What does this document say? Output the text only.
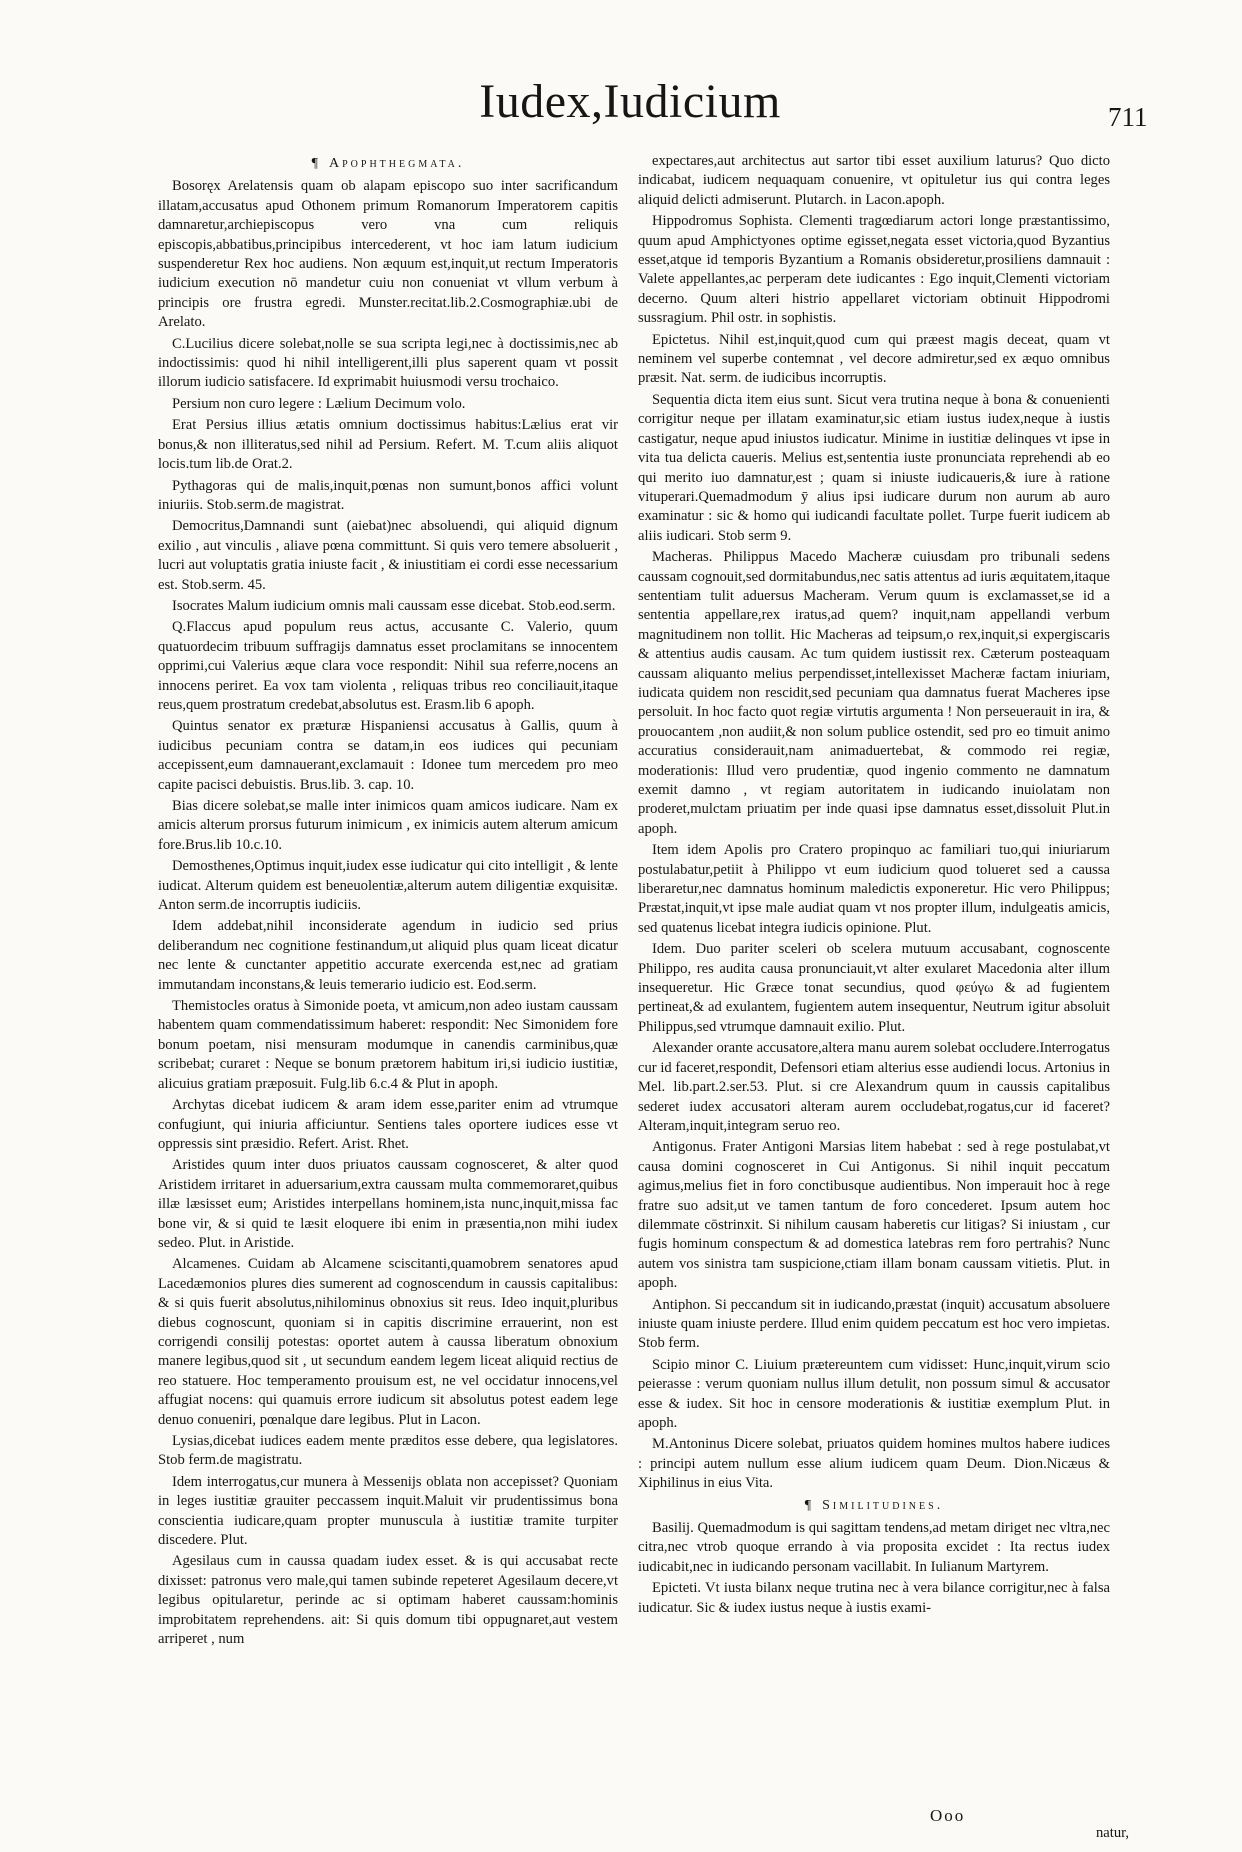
Iudex,Iudicium	711
¶ Apophthegmata.

Bosoręx Arelatensis quam ob alapam episcopo suo inter sacrificandum illatam,accusatus apud Othonem primum Romanorum Imperatorem capitis damnaretur,archiepiscopus vero vna cum reliquis episcopis,abbatibus,principibus intercederent, vt hoc iam latum iudicium suspenderetur Rex hoc audiens. Non æquum est,inquit,ut rectum Imperatoris iudicium execution nō mandetur cuiu non conueniat vt vllum verbum à principis ore frustra egredi. Munster.recitat.lib.2.Cosmographiæ.ubi de Arelato.

C.Lucilius dicere solebat,nolle se sua scripta legi,nec à doctissimis,nec ab indoctissimis: quod hi nihil intelligerent,illi plus saperent quam vt possit illorum iudicio satisfacere. Id exprimabit huiusmodi versu trochaico.

Persium non curo legere : Lælium Decimum volo.

Erat Persius illius ætatis omnium doctissimus habitus:Lælius erat vir bonus,& non illiteratus,sed nihil ad Persium. Refert. M. T.cum aliis aliquot locis.tum lib.de Orat.2.

Pythagoras qui de malis,inquit,pœnas non sumunt,bonos affici volunt iniuriis. Stob.serm.de magistrat.

Democritus,Damnandi sunt (aiebat)nec absoluendi, qui aliquid dignum exilio , aut vinculis , aliave pœna committunt. Si quis vero temere absoluerit , lucri aut voluptatis gratia iniuste facit , & iniustitiam ei cordi esse necessarium est. Stob.serm. 45.

Isocrates Malum iudicium omnis mali caussam esse dicebat. Stob.eod.serm.

Q.Flaccus apud populum reus actus, accusante C. Valerio, quum quatuordecim tribuum suffragijs damnatus esset proclamitans se innocentem opprimi,cui Valerius æque clara voce respondit: Nihil sua referre,nocens an innocens periret. Ea vox tam violenta , reliquas tribus reo conciliauit,itaque reus,quem prostratum credebat,absolutus est. Erasm.lib 6 apoph.

Quintus senator ex præturæ Hispaniensi accusatus à Gallis, quum à iudicibus pecuniam contra se datam,in eos iudices qui pecuniam accepissent,eum damnauerant,exclamauit : Idonee tum mercedem pro meo capite pacisci debuistis. Brus.lib. 3. cap. 10.

Bias dicere solebat,se malle inter inimicos quam amicos iudicare. Nam ex amicis alterum prorsus futurum inimicum , ex inimicis autem alterum amicum fore.Brus.lib 10.c.10.

Demosthenes,Optimus inquit,iudex esse iudicatur qui cito intelligit , & lente iudicat. Alterum quidem est beneuolentiæ,alterum autem diligentiæ exquisitæ. Anton serm.de incorruptis iudiciis.

Idem addebat,nihil inconsiderate agendum in iudicio sed prius deliberandum nec cognitione festinandum,ut aliquid plus quam liceat dicatur nec lente & cunctanter appetitio accurate exercenda est,nec ad gratiam immutandam inconstans,& leuis temerario iudicio est. Eod.serm.

Themistocles oratus à Simonide poeta, vt amicum,non adeo iustam caussam habentem quam commendatissimum haberet: respondit: Nec Simonidem fore bonum poetam, nisi mensuram modumque in canendis carminibus,quæ scribebat; curaret : Neque se bonum prætorem habitum iri,si iudicio iustitiæ, alicuius gratiam præposuit. Fulg.lib 6.c.4 & Plut in apoph.

Archytas dicebat iudicem & aram idem esse,pariter enim ad vtrumque confugiunt, qui iniuria afficiuntur. Sentiens tales oportere iudices esse vt oppressis sint præsidio. Refert. Arist. Rhet.

Aristides quum inter duos priuatos caussam cognosceret, & alter quod Aristidem irritaret in aduersarium,extra caussam multa commemoraret,quibus illæ læsisset eum; Aristides interpellans hominem,ista nunc,inquit,missa fac bone vir, & si quid te læsit eloquere ibi enim in præsentia,non mihi iudex sedeo. Plut. in Aristide.

Alcamenes. Cuidam ab Alcamene sciscitanti,quamobrem senatores apud Lacedæmonios plures dies sumerent ad cognoscendum in caussis capitalibus: & si quis fuerit absolutus,nihilominus obnoxius sit reus. Ideo inquit,pluribus diebus cognoscunt, quoniam si in capitis discrimine errauerint, non est corrigendi consilij potestas: oportet autem à caussa liberatum obnoxium manere legibus,quod sit , ut secundum eandem legem liceat aliquid rectius de reo statuere. Hoc temperamento prouisum est, ne vel occidatur innocens,vel affugiat nocens: qui quamuis errore iudicum sit absolutus potest eadem lege denuo conueniri, pœnalque dare legibus. Plut in Lacon.

Lysias,dicebat iudices eadem mente præditos esse debere, qua legislatores. Stob ferm.de magistratu.

Idem interrogatus,cur munera à Messenijs oblata non accepisset? Quoniam in leges iustitiæ grauiter peccassem inquit.Maluit vir prudentissimus bona conscientia iudicare,quam propter munuscula à iustitiæ tramite turpiter discedere. Plut.

Agesilaus cum in caussa quadam iudex esset. & is qui accusabat recte dixisset: patronus vero male,qui tamen subinde repeteret Agesilaum decere,vt legibus opitularetur, perinde ac si optimam haberet caussam:hominis improbitatem reprehendens. ait: Si quis domum tibi oppugnaret,aut vestem arriperet , num

expectares,aut architectus aut sartor tibi esset auxilium laturus? Quo dicto indicabat, iudicem nequaquam conuenire, vt opituletur ius qui contra leges aliquid delicti admiserunt. Plutarch. in Lacon.apoph.

Hippodromus Sophista. Clementi tragœdiarum actori longe præstantissimo, quum apud Amphictyones optime egisset,negata esset victoria,quod Byzantius esset,atque id temporis Byzantium a Romanis obsideretur,prosiliens damnauit : Valete appellantes,ac perperam dete iudicantes : Ego inquit,Clementi victoriam decerno. Quum alteri histrio appellaret victoriam obtinuit Hippodromi sussragium. Phil ostr. in sophistis.

Epictetus. Nihil est,inquit,quod cum qui præest magis deceat, quam vt neminem vel superbe contemnat , vel decore admiretur,sed ex æquo omnibus præsit. Nat. serm. de iudicibus incorruptis.

Sequentia dicta item eius sunt. Sicut vera trutina neque à bona & conuenienti corrigitur neque per illatam examinatur,sic etiam iustus iudex,neque à iustis castigatur, neque apud iniustos iudicatur. Minime in iustitiæ delinques vt ipse in vita tua delicta caueris. Melius est,sententia iuste pronunciata reprehendi ab eo qui merito iuo damnatur,est ; quam si iniuste iudicaueris,& iure à ratione vituperari.Quemadmodum ȳ alius ipsi iudicare durum non aurum ab auro examinatur : sic & homo qui iudicandi facultate pollet. Turpe fuerit iudicem ab aliis iudicari. Stob serm 9.

Macheras. Philippus Macedo Macheræ cuiusdam pro tribunali sedens caussam cognouit,sed dormitabundus,nec satis attentus ad iuris æquitatem,itaque sententiam tulit aduersus Macheram. Verum quum is exclamasset,se id a sententia appellare,rex iratus,ad quem? inquit,nam appellandi verbum magnitudinem non tollit. Hic Macheras ad teipsum,o rex,inquit,si expergiscaris & attentius audis causam. Ac tum quidem iustissit rex. Cæterum posteaquam caussam aliquanto melius perpendisset,intellexisset Macheræ factam iniuriam, iudicata quidem non rescidit,sed pecuniam qua damnatus fuerat Macheres ipse persoluit. In hoc facto quot regiæ virtutis argumenta ! Non perseuerauit in ira, & prouocantem ,non audiit,& non solum publice ostendit, sed pro eo timuit animo accuratius considerauit,nam animaduertebat, & commodo rei regiæ, moderationis: Illud vero prudentiæ, quod ingenio commento ne damnatum exemit damno , vt regiam autoritatem in iudicando inuiolatam non proderet,mulctam priuatim per inde quasi ipse damnatus esset,dissoluit Plut.in apoph.

Item idem Apolis pro Cratero propinquo ac familiari tuo,qui iniuriarum postulabatur,petiit à Philippo vt eum iudicium quod tolueret sed a caussa liberaretur,nec damnatus hominum maledictis exponeretur. Hic vero Philippus; Præstat,inquit,vt ipse male audiat quam vt nos propter illum, indulgeatis amicis, sed quatenus licebat integra iudicis opinione. Plut.

Idem. Duo pariter sceleri ob scelera mutuum accusabant, cognoscente Philippo, res audita causa pronunciauit,vt alter exularet Macedonia alter illum insequeretur. Hic Græce tonat secundius, quod φεύγω & ad fugientem pertineat,& ad exulantem, fugientem autem insequentur, Neutrum igitur absoluit Philippus,sed vtrumque damnauit exilio. Plut.

Alexander orante accusatore,altera manu aurem solebat occludere.Interrogatus cur id faceret,respondit, Defensori etiam alterius esse audiendi locus. Artonius in Mel. lib.part.2.ser.53. Plut. si cre Alexandrum quum in caussis capitalibus sederet iudex accusatori alteram aurem occludebat,rogatus,cur id faceret? Alteram,inquit,integram seruo reo.

Antigonus. Frater Antigoni Marsias litem habebat : sed à rege postulabat,vt causa domini cognosceret in Cui Antigonus. Si nihil inquit peccatum agimus,melius fiet in foro conctibusque audientibus. Non imperauit hoc à rege fratre suo adsit,ut ve tamen tantum de foro concederet. Ipsum autem hoc dilemmate cōstrinxit. Si nihilum causam haberetis cur litigas? Si iniustam , cur fugis hominum conspectum & ad domestica latebras rem foro pertrahis? Nunc autem vos sinistra tam suspicione,ctiam illam bonam caussam vitietis. Plut. in apoph.

Antiphon. Si peccandum sit in iudicando,præstat (inquit) accusatum absoluere iniuste quam iniuste perdere. Illud enim quidem peccatum est hoc vero impietas. Stob ferm.

Scipio minor C. Liuium prætereuntem cum vidisset: Hunc,inquit,virum scio peierasse : verum quoniam nullus illum detulit, non possum simul & accusator esse & iudex. Sit hoc in censore moderationis & iustitiæ exemplum Plut. in apoph.

M.Antoninus Dicere solebat, priuatos quidem homines multos habere iudices : principi autem nullum esse alium iudicem quam Deum. Dion.Nicæus & Xiphilinus in eius Vita.

¶ Similitudines.

Basilij. Quemadmodum is qui sagittam tendens,ad metam diriget nec vltra,nec citra,nec vtrob quoque errando à via proposita excidet : Ita rectus iudex iudicabit,nec in iudicando personam vacillabit. In Iulianum Martyrem.

Epicteti. Vt iusta bilanx neque trutina nec à vera bilance corrigitur,nec à falsa iudicatur. Sic & iudex iustus neque à iustis exami-

Ooo
natur,
